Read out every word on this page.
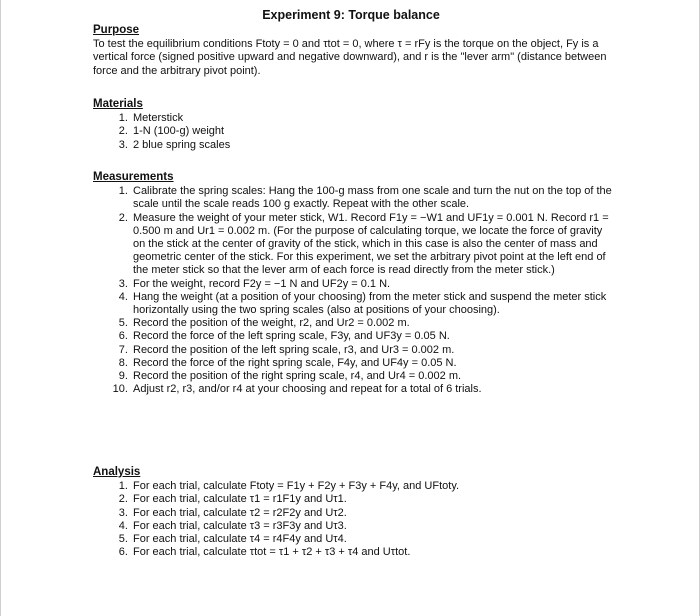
Experiment 9: Torque balance
Purpose
To test the equilibrium conditions Ftoty = 0 and τtot = 0, where τ = rFy is the torque on the object, Fy is a vertical force (signed positive upward and negative downward), and r is the "lever arm" (distance between force and the arbitrary pivot point).
Materials
1. Meterstick
2. 1-N (100-g) weight
3. 2 blue spring scales
Measurements
1. Calibrate the spring scales: Hang the 100-g mass from one scale and turn the nut on the top of the scale until the scale reads 100 g exactly. Repeat with the other scale.
2. Measure the weight of your meter stick, W1. Record F1y = −W1 and UF1y = 0.001 N. Record r1 = 0.500 m and Ur1 = 0.002 m. (For the purpose of calculating torque, we locate the force of gravity on the stick at the center of gravity of the stick, which in this case is also the center of mass and geometric center of the stick. For this experiment, we set the arbitrary pivot point at the left end of the meter stick so that the lever arm of each force is read directly from the meter stick.)
3. For the weight, record F2y = −1 N and UF2y = 0.1 N.
4. Hang the weight (at a position of your choosing) from the meter stick and suspend the meter stick horizontally using the two spring scales (also at positions of your choosing).
5. Record the position of the weight, r2, and Ur2 = 0.002 m.
6. Record the force of the left spring scale, F3y, and UF3y = 0.05 N.
7. Record the position of the left spring scale, r3, and Ur3 = 0.002 m.
8. Record the force of the right spring scale, F4y, and UF4y = 0.05 N.
9. Record the position of the right spring scale, r4, and Ur4 = 0.002 m.
10. Adjust r2, r3, and/or r4 at your choosing and repeat for a total of 6 trials.
Analysis
1. For each trial, calculate Ftoty = F1y + F2y + F3y + F4y, and UFtoty.
2. For each trial, calculate τ1 = r1F1y and Uτ1.
3. For each trial, calculate τ2 = r2F2y and Uτ2.
4. For each trial, calculate τ3 = r3F3y and Uτ3.
5. For each trial, calculate τ4 = r4F4y and Uτ4.
6. For each trial, calculate τtot = τ1 + τ2 + τ3 + τ4 and Uτtot.
